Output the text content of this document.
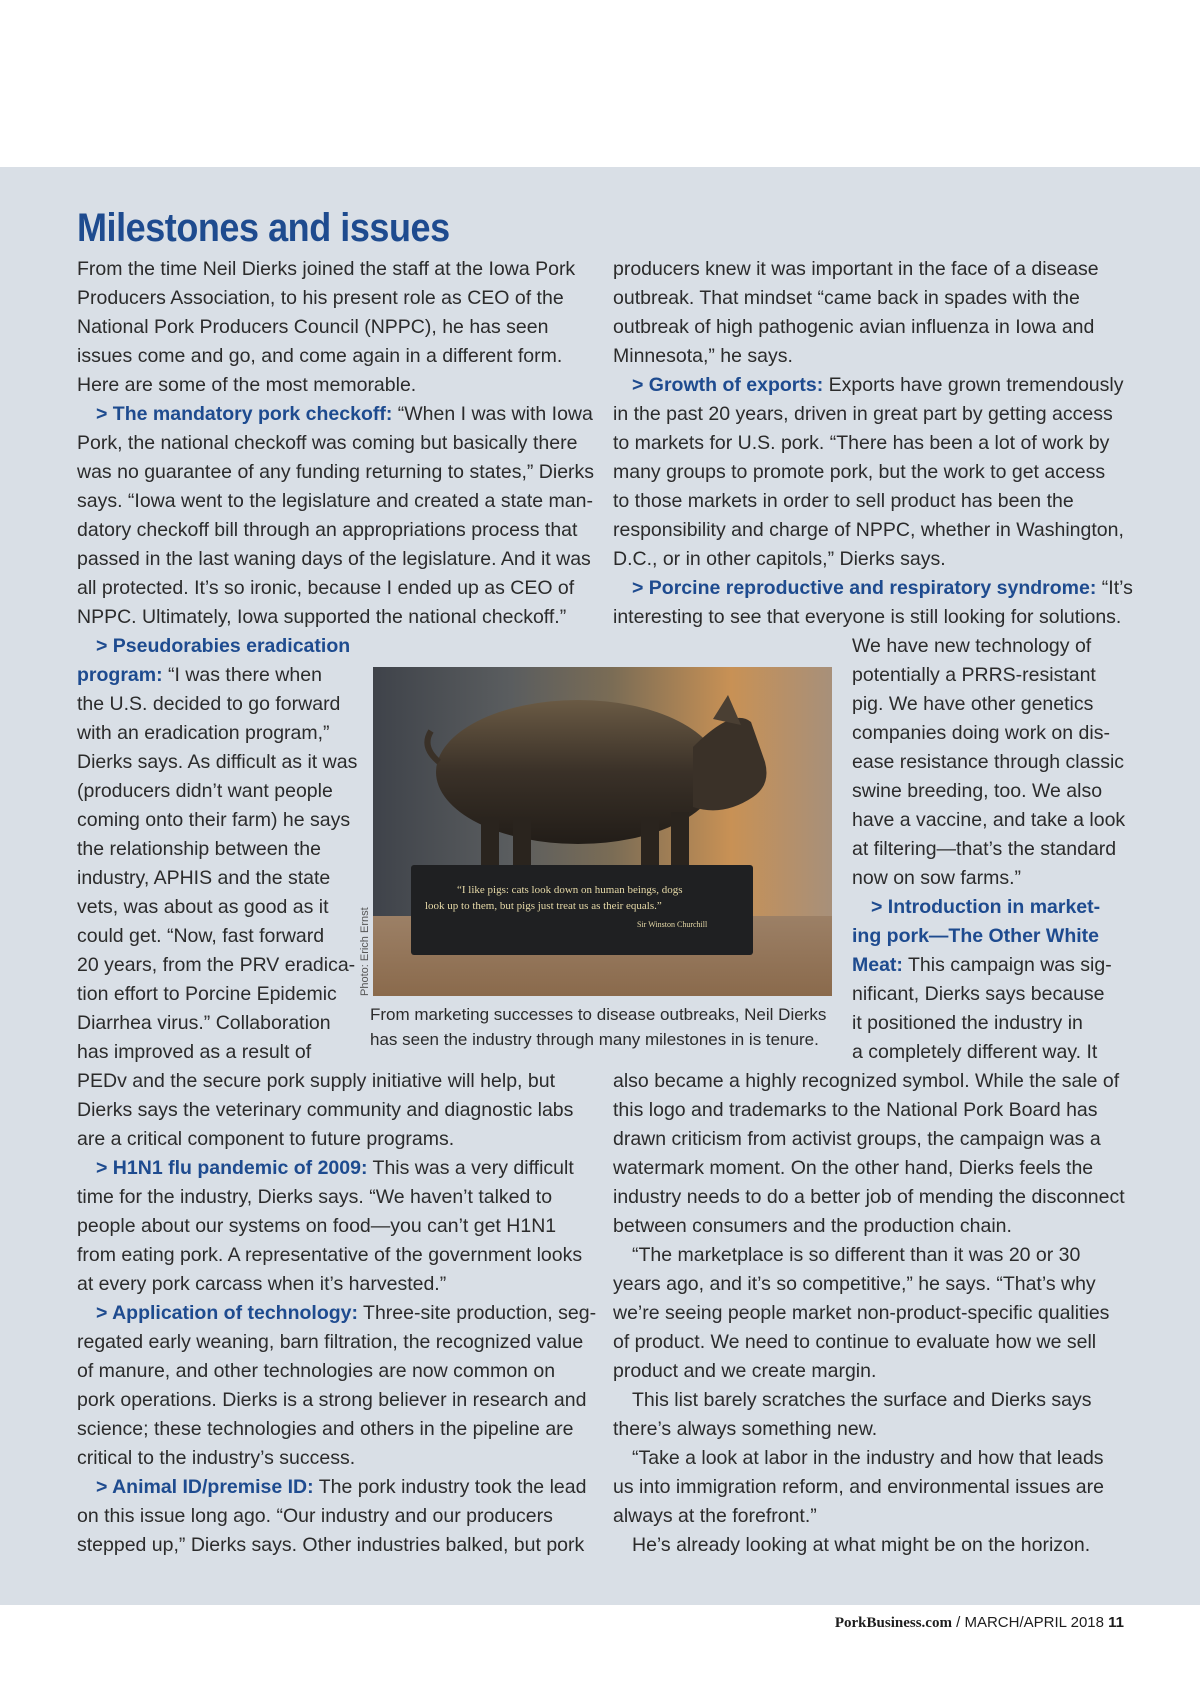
Milestones and issues
From the time Neil Dierks joined the staff at the Iowa Pork
Producers Association, to his present role as CEO of the
National Pork Producers Council (NPPC), he has seen
issues come and go, and come again in a different form.
Here are some of the most memorable.
> The mandatory pork checkoff: “When I was with Iowa
Pork, the national checkoff was coming but basically there
was no guarantee of any funding returning to states,” Dierks
says. “Iowa went to the legislature and created a state man-
datory checkoff bill through an appropriations process that
passed in the last waning days of the legislature. And it was
all protected. It’s so ironic, because I ended up as CEO of
NPPC. Ultimately, Iowa supported the national checkoff.”
> Pseudorabies eradication
program: “I was there when
the U.S. decided to go forward
with an eradication program,”
Dierks says. As difficult as it was
(producers didn’t want people
coming onto their farm) he says
the relationship between the
industry, APHIS and the state
vets, was about as good as it
could get. “Now, fast forward
20 years, from the PRV eradica-
tion effort to Porcine Epidemic
Diarrhea virus.” Collaboration
has improved as a result of
PEDv and the secure pork supply initiative will help, but
Dierks says the veterinary community and diagnostic labs
are a critical component to future programs.
> H1N1 flu pandemic of 2009: This was a very difficult
time for the industry, Dierks says. “We haven’t talked to
people about our systems on food—you can’t get H1N1
from eating pork. A representative of the government looks
at every pork carcass when it’s harvested.”
> Application of technology: Three-site production, seg-
regated early weaning, barn filtration, the recognized value
of manure, and other technologies are now common on
pork operations. Dierks is a strong believer in research and
science; these technologies and others in the pipeline are
critical to the industry’s success.
> Animal ID/premise ID: The pork industry took the lead
on this issue long ago. “Our industry and our producers
stepped up,” Dierks says. Other industries balked, but pork
producers knew it was important in the face of a disease
outbreak. That mindset “came back in spades with the
outbreak of high pathogenic avian influenza in Iowa and
Minnesota,” he says.
> Growth of exports: Exports have grown tremendously
in the past 20 years, driven in great part by getting access
to markets for U.S. pork. “There has been a lot of work by
many groups to promote pork, but the work to get access
to those markets in order to sell product has been the
responsibility and charge of NPPC, whether in Washington,
D.C., or in other capitols,” Dierks says.
> Porcine reproductive and respiratory syndrome: “It’s
interesting to see that everyone is still looking for solutions.
We have new technology of
potentially a PRRS-resistant
pig. We have other genetics
companies doing work on dis-
ease resistance through classic
swine breeding, too. We also
have a vaccine, and take a look
at filtering—that’s the standard
now on sow farms.”
> Introduction in market-
ing pork—The Other White
Meat: This campaign was sig-
nificant, Dierks says because
it positioned the industry in
a completely different way. It
also became a highly recognized symbol. While the sale of
this logo and trademarks to the National Pork Board has
drawn criticism from activist groups, the campaign was a
watermark moment. On the other hand, Dierks feels the
industry needs to do a better job of mending the disconnect
between consumers and the production chain.
“The marketplace is so different than it was 20 or 30
years ago, and it’s so competitive,” he says. “That’s why
we’re seeing people market non-product-specific qualities
of product. We need to continue to evaluate how we sell
product and we create margin.
This list barely scratches the surface and Dierks says
there’s always something new.
“Take a look at labor in the industry and how that leads
us into immigration reform, and environmental issues are
always at the forefront.”
He’s already looking at what might be on the horizon.
“I like pigs: cats look down on human beings, dogs
look up to them, but pigs just treat us as their equals.”
Sir Winston Churchill
Photo: Erich Ernst
From marketing successes to disease outbreaks, Neil Dierks
has seen the industry through many milestones in is tenure.
PorkBusiness.com / MARCH/APRIL 2018 11
